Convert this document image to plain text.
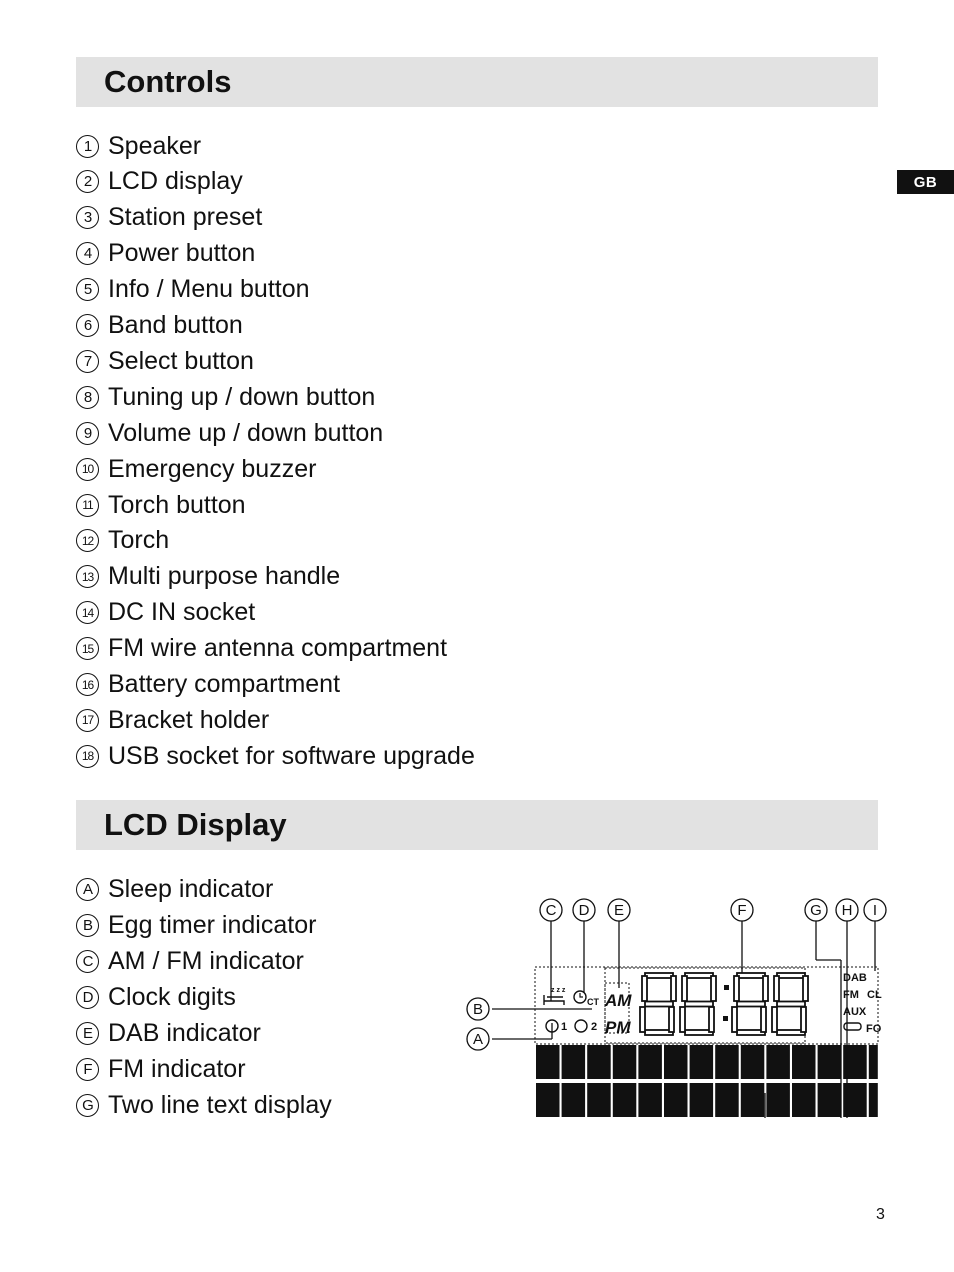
Controls
GB
1 Speaker
2 LCD display
3 Station preset
4 Power button
5 Info / Menu button
6 Band button
7 Select button
8 Tuning up / down button
9 Volume up / down button
10 Emergency buzzer
11 Torch button
12 Torch
13 Multi purpose handle
14 DC IN socket
15 FM wire antenna compartment
16 Battery compartment
17 Bracket holder
18 USB socket for software upgrade
LCD Display
A Sleep indicator
B Egg timer indicator
C AM / FM indicator
D Clock digits
E DAB indicator
F FM indicator
G Two line text display
A
B
C D E	F	G H I
z z z
CT
1 2
AM
PM
DAB
FM
AUX
CL
FO
3
